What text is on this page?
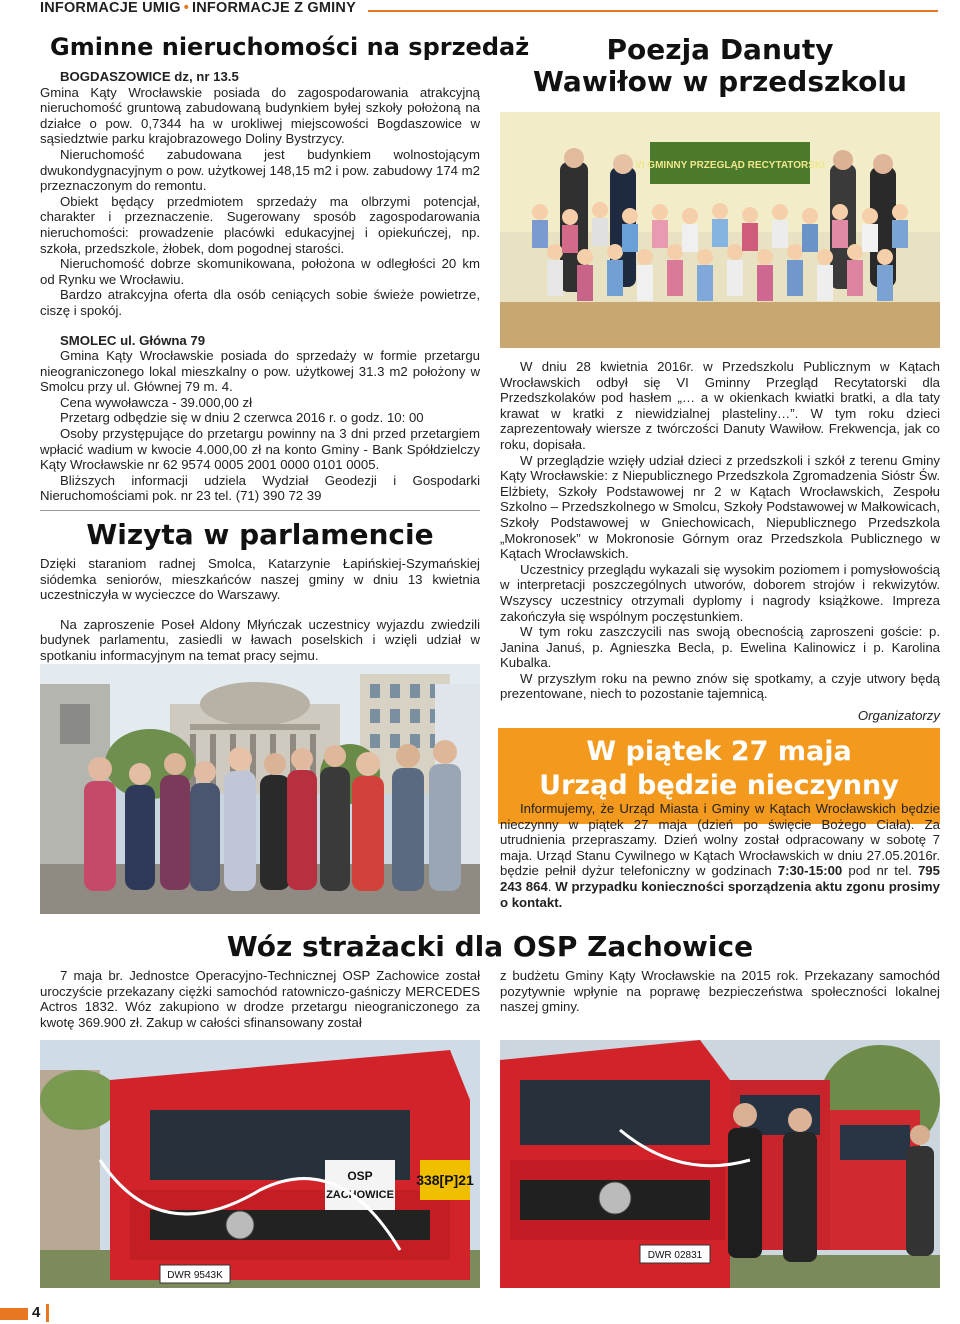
INFORMACJE UMIG • INFORMACJE Z GMINY
Gminne nieruchomości na sprzedaż

BOGDASZOWICE dz, nr 13.5

Gmina Kąty Wrocławskie posiada do zagospodarowania atrakcyjną nieruchomość gruntową zabudowaną budynkiem byłej szkoły położoną na działce o pow. 0,7344 ha w urokliwej miejscowości Bogdaszowice w sąsiedztwie parku krajobrazowego Doliny Bystrzycy.

Nieruchomość zabudowana jest budynkiem wolnostojącym dwukondygnacyjnym o pow. użytkowej 148,15 m2 i pow. zabudowy 174 m2 przeznaczonym do remontu.

Obiekt będący przedmiotem sprzedaży ma olbrzymi potencjał, charakter i przeznaczenie. Sugerowany sposób zagospodarowania nieruchomości: prowadzenie placówki edukacyjnej i opiekuńczej, np. szkoła, przedszkole, żłobek, dom pogodnej starości.

Nieruchomość dobrze skomunikowana, położona w odległości 20 km od Rynku we Wrocławiu.

Bardzo atrakcyjna oferta dla osób ceniących sobie świeże powietrze, ciszę i spokój.

SMOLEC ul. Główna 79

Gmina Kąty Wrocławskie posiada do sprzedaży w formie przetargu nieograniczonego lokal mieszkalny o pow. użytkowej 31.3 m2 położony w Smolcu przy ul. Głównej 79 m. 4.

Cena wywoławcza - 39.000,00 zł

Przetarg odbędzie się w dniu 2 czerwca 2016 r. o godz. 10: 00

Osoby przystępujące do przetargu powinny na 3 dni przed przetargiem wpłacić wadium w kwocie 4.000,00 zł na konto Gminy - Bank Spółdzielczy Kąty Wrocławskie nr 62 9574 0005 2001 0000 0101 0005.

Bliższych informacji udziela Wydział Geodezji i Gospodarki Nieruchomościami pok. nr 23 tel. (71) 390 72 39

Wizyta w parlamencie

Dzięki staraniom radnej Smolca, Katarzynie Łapińskiej-Szymańskiej siódemka seniorów, mieszkańców naszej gminy w dniu 13 kwietnia uczestniczyła w wycieczce do Warszawy.

Na zaproszenie Poseł Aldony Młyńczak uczestnicy wyjazdu zwiedzili budynek parlamentu, zasiedli w ławach poselskich i wzięli udział w spotkaniu informacyjnym na temat pracy sejmu.

Poezja Danuty
Wawiłow w przedszkolu
VI GMINNY PRZEGLĄD RECYTATORSKI

W dniu 28 kwietnia 2016r. w Przedszkolu Publicznym w Kątach Wrocławskich odbył się VI Gminny Przegląd Recytatorski dla Przedszkolaków pod hasłem „… a w okienkach kwiatki bratki, a dla taty krawat w kratki z niewidzialnej plasteliny…”. W tym roku dzieci zaprezentowały wiersze z twórczości Danuty Wawiłow. Frekwencja, jak co roku, dopisała.

W przeglądzie wzięły udział dzieci z przedszkoli i szkół z terenu Gminy Kąty Wrocławskie: z Niepublicznego Przedszkola Zgromadzenia Sióstr Św. Elżbiety, Szkoły Podstawowej nr 2 w Kątach Wrocławskich, Zespołu Szkolno – Przedszkolnego w Smolcu, Szkoły Podstawowej w Małkowicach, Szkoły Podstawowej w Gniechowicach, Niepublicznego Przedszkola „Mokronosek” w Mokronosie Górnym oraz Przedszkola Publicznego w Kątach Wrocławskich.

Uczestnicy przeglądu wykazali się wysokim poziomem i pomysłowością w interpretacji poszczególnych utworów, doborem strojów i rekwizytów. Wszyscy uczestnicy otrzymali dyplomy i nagrody książkowe. Impreza zakończyła się wspólnym poczęstunkiem.

W tym roku zaszczycili nas swoją obecnością zaproszeni goście: p. Janina Januś, p. Agnieszka Becla, p. Ewelina Kalinowicz i p. Karolina Kubalka.

W przyszłym roku na pewno znów się spotkamy, a czyje utwory będą prezentowane, niech to pozostanie tajemnicą.

Organizatorzy

W piątek 27 maja
Urząd będzie nieczynny

Informujemy, że Urząd Miasta i Gminy w Kątach Wrocławskich będzie nieczynny w piątek 27 maja (dzień po święcie Bożego Ciała). Za utrudnienia przepraszamy. Dzień wolny został odpracowany w sobotę 7 maja. Urząd Stanu Cywilnego w Kątach Wrocławskich w dniu 27.05.2016r. będzie pełnił dyżur telefoniczny w godzinach 7:30-15:00 pod nr tel. 795 243 864. W przypadku konieczności sporządzenia aktu zgonu prosimy o kontakt.

Wóz strażacki dla OSP Zachowice

7 maja br. Jednostce Operacyjno-Technicznej OSP Zachowice został uroczyście przekazany ciężki samochód ratowniczo-gaśniczy MERCEDES Actros 1832. Wóz zakupiono w drodze przetargu nieograniczonego za kwotę 369.900 zł. Zakup w całości sfinansowany został

z budżetu Gminy Kąty Wrocławskie na 2015 rok. Przekazany samochód pozytywnie wpłynie na poprawę bezpieczeństwa społeczności lokalnej naszej gminy.

OSP
ZACHOWICE
338[P]21
DWR 9543K
DWR 02831
4
